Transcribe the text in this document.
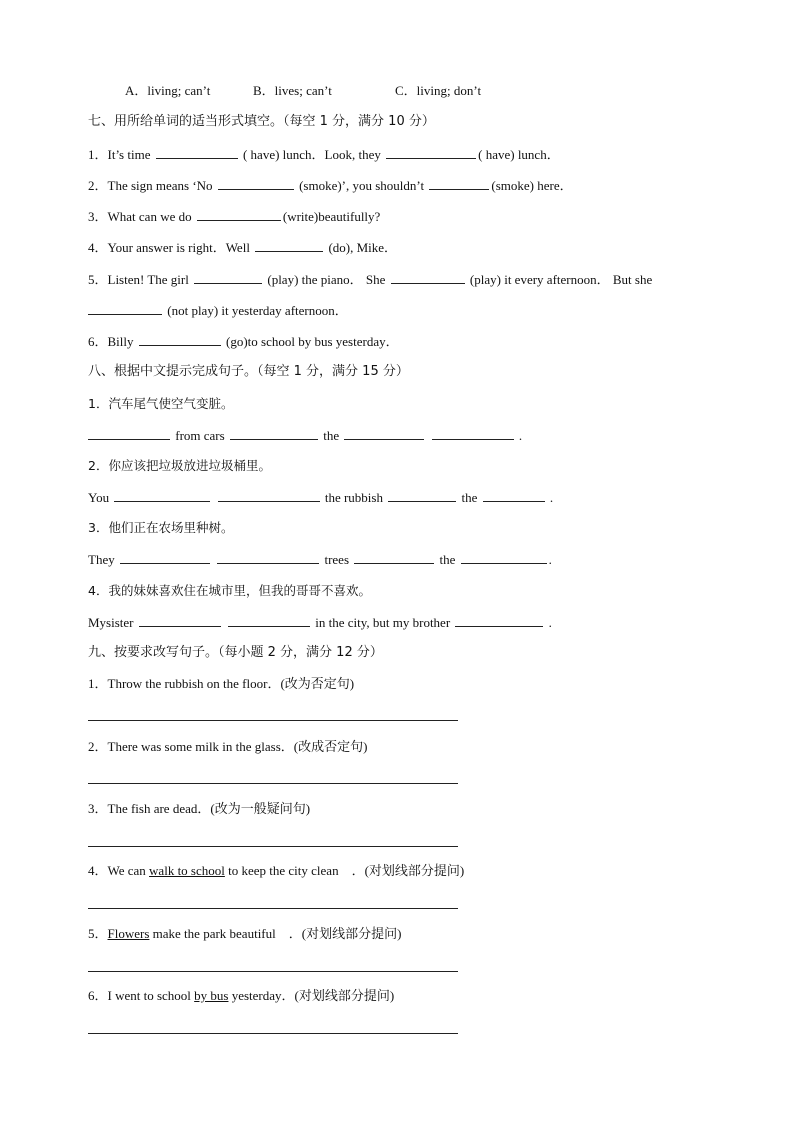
A．living; can’t	B．lives; can’t	C．living; don’t
七、用所给单词的适当形式填空。（每空 1 分，满分 10 分）
1．It’s time	( have) lunch．Look, they	( have) lunch．
2．The sign means ‘No	(smoke)’, you shouldn’t	(smoke) here．
3．What can we do	(write)beautifully?
4．Your answer is right．Well	(do), Mike．
5．Listen! The girl	(play) the piano． She	(play) it every afternoon． But she
(not play) it yesterday afternoon．
6．Billy	(go)to school by bus yesterday．
八、根据中文提示完成句子。（每空 1 分，满分 15 分）
1．汽车尾气使空气变脏。
from cars	the	.
2．你应该把垃圾放进垃圾桶里。
You	the rubbish	the	.
3．他们正在农场里种树。
They	trees	the	.
4．我的妹妹喜欢住在城市里，但我的哥哥不喜欢。
Mysister	in the city, but my brother	.
九、按要求改写句子。（每小题 2 分，满分 12 分）
1．Throw the rubbish on the floor．(改为否定句)
2．There was some milk in the glass．(改成否定句)
3．The fish are dead．(改为一般疑问句)
4．We can walk to school to keep the city clean　．(对划线部分提问)
5．Flowers make the park beautiful　．(对划线部分提问)
6．I went to school by bus yesterday．(对划线部分提问)
